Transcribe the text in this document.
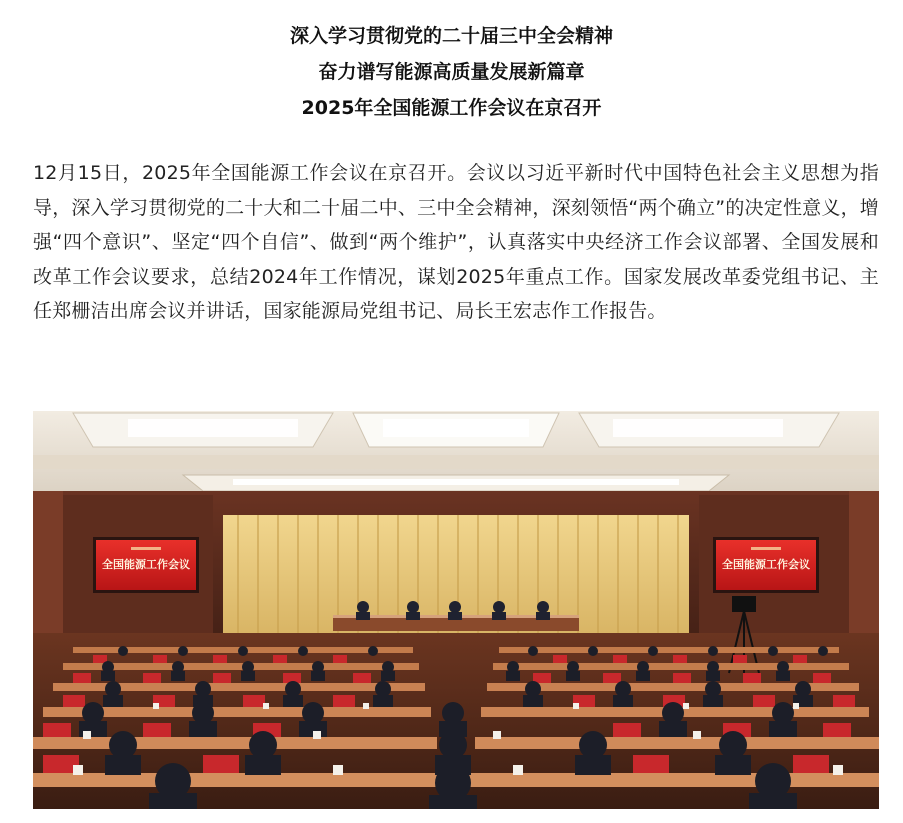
深入学习贯彻党的二十届三中全会精神
奋力谱写能源高质量发展新篇章
2025年全国能源工作会议在京召开

12月15日，2025年全国能源工作会议在京召开。会议以习近平新时代中国特色社会主义思想为指导，深入学习贯彻党的二十大和二十届二中、三中全会精神，深刻领悟“两个确立”的决定性意义，增强“四个意识”、坚定“四个自信”、做到“两个维护”，认真落实中央经济工作会议部署、全国发展和改革工作会议要求，总结2024年工作情况，谋划2025年重点工作。国家发展改革委党组书记、主任郑栅洁出席会议并讲话，国家能源局党组书记、局长王宏志作工作报告。

全国能源工作会议	全国能源工作会议
